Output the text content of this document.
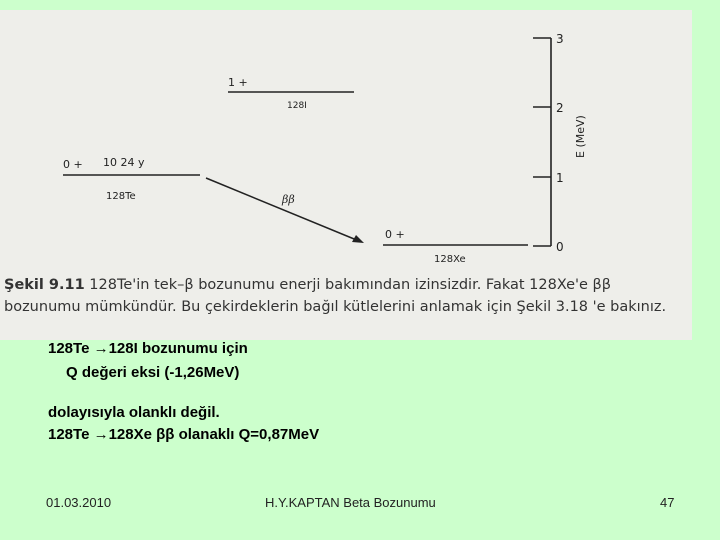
3
2
1
0
E (MeV)
1 +
128I
0 + 10 24 y
128Te
0 +
128Xe
ββ
Şekil 9.11 128Te'in tek–β bozunumu enerji bakımından izinsizdir. Fakat 128Xe'e ββ bozunumu mümkündür. Bu çekirdeklerin bağıl kütlelerini anlamak için Şekil 3.18 'e bakınız.
128Te →128I bozunumu için
Q değeri eksi (-1,26MeV)
dolayısıyla olanklı değil.
128Te →128Xe ββ olanaklı Q=0,87MeV
01.03.2010	H.Y.KAPTAN Beta Bozunumu	47
